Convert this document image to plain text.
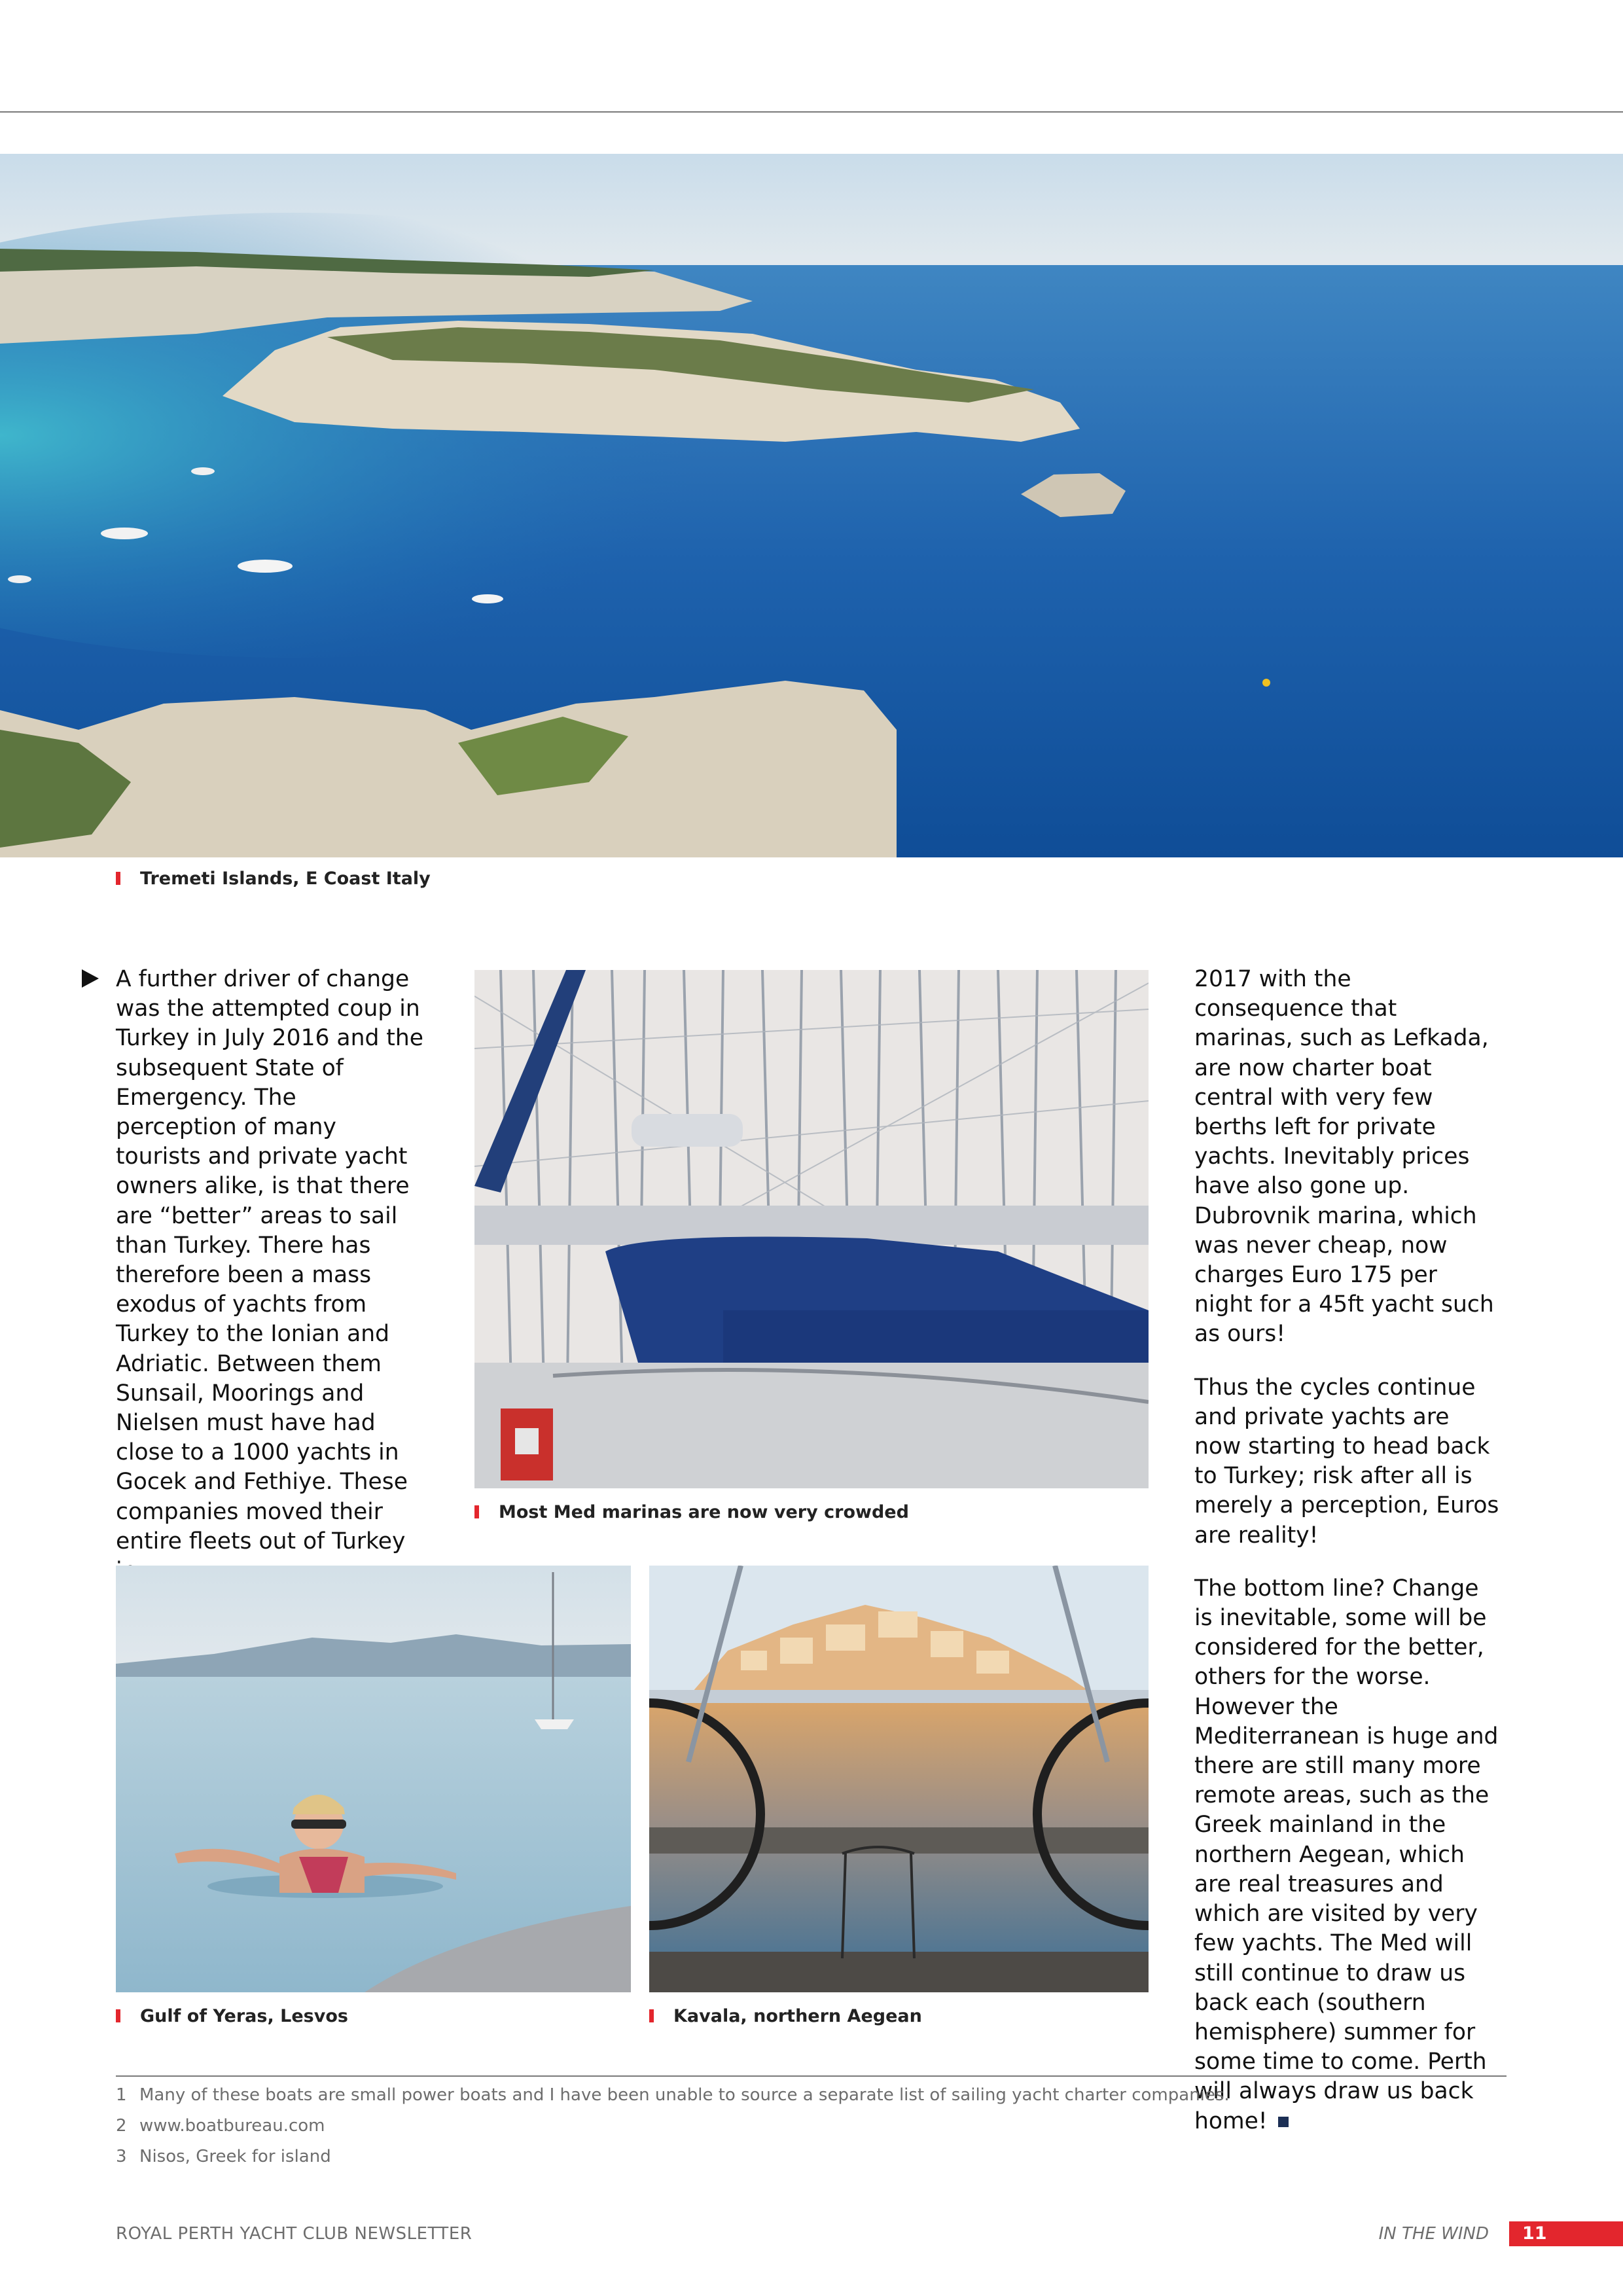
Tremeti Islands, E Coast Italy

A further driver of change was the attempted coup in Turkey in July 2016 and the subsequent State of Emergency. The perception of many tourists and private yacht owners alike, is that there are “better” areas to sail than Turkey. There has therefore been a mass exodus of yachts from Turkey to the Ionian and Adriatic. Between them Sunsail, Moorings and Nielsen must have had close to a 1000 yachts in Gocek and Fethiye. These companies moved their entire fleets out of Turkey

Most Med marinas are now very crowded

2017 with the consequence that marinas, such as Lefkada, are now charter boat central with very few berths left for private yachts. Inevitably prices have also gone up. Dubrovnik marina, which was never cheap, now charges Euro 175 per night for a 45ft yacht such as ours!

Thus the cycles continue and private yachts are now starting to head back to Turkey; risk after all is merely a perception, Euros are reality!

The bottom line? Change is inevitable, some will be considered for the better, others for the worse. However the Mediterranean is huge and there are still many more remote areas, such as the Greek mainland in the northern Aegean, which are real treasures and which are visited by very few yachts. The Med will still continue to draw us back each (southern hemisphere) summer for some time to come. Perth will always draw us back home!

Gulf of Yeras, Lesvos	Kavala, northern Aegean
1 Many of these boats are small power boats and I have been unable to source a separate list of sailing yacht charter companies.
2 www.boatbureau.com
3 Nisos, Greek for island
ROYAL PERTH YACHT CLUB NEWSLETTER	IN THE WIND	11
